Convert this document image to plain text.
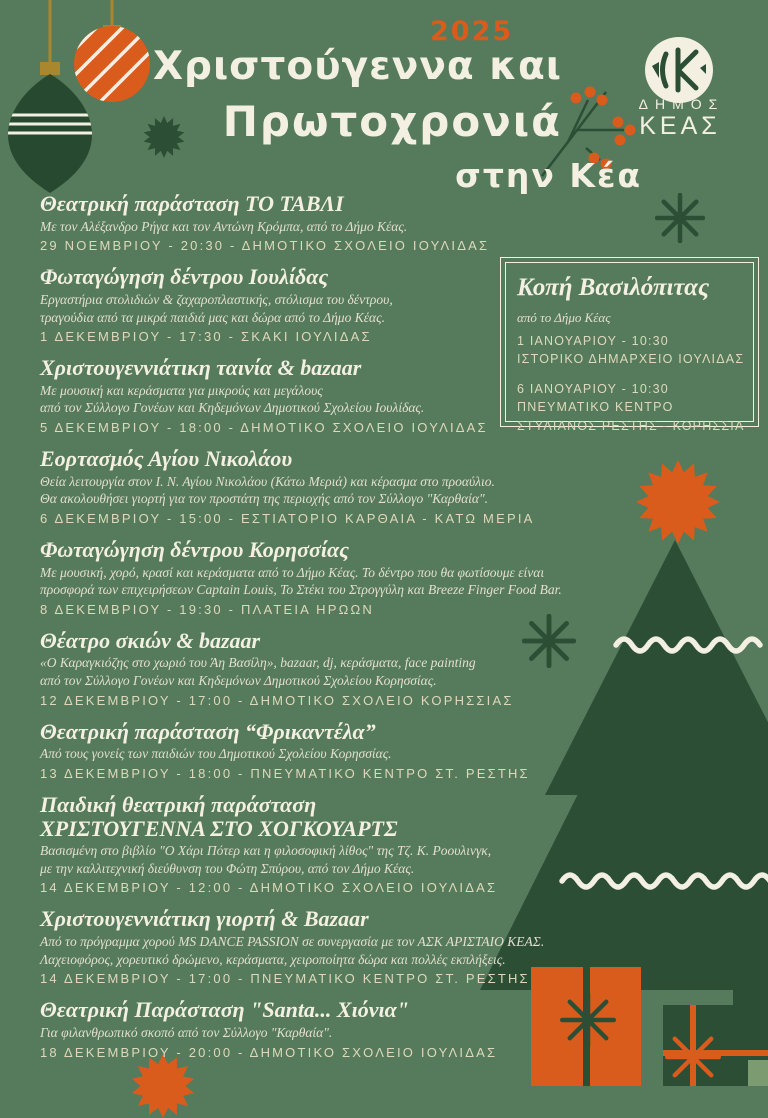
2025
Χριστούγεννα και
Πρωτοχρονιά
στην Κέα
ΔΗΜΟΣ
ΚΕΑΣ
Κοπή Βασιλόπιτας
από το Δήμο Κέας
1 ΙΑΝΟΥΑΡΙΟΥ - 10:30
ΙΣΤΟΡΙΚΟ ΔΗΜΑΡΧΕΙΟ ΙΟΥΛΙΔΑΣ
6 ΙΑΝΟΥΑΡΙΟΥ - 10:30
ΠΝΕΥΜΑΤΙΚΟ ΚΕΝΤΡΟ
ΣΤΥΛΙΑΝΟΣ ΡΕΣΤΗΣ - ΚΟΡΗΣΣΙΑ
Θεατρική παράσταση ΤΟ ΤΑΒΛΙ
Με τον Αλέξανδρο Ρήγα και τον Αντώνη Κρόμπα, από το Δήμο Κέας.
29 ΝΟΕΜΒΡΙΟΥ - 20:30 - ΔΗΜΟΤΙΚΟ ΣΧΟΛΕΙΟ ΙΟΥΛΙΔΑΣ
Φωταγώγηση δέντρου Ιουλίδας
Εργαστήρια στολιδιών & ζαχαροπλαστικής, στόλισμα του δέντρου,
τραγούδια από τα μικρά παιδιά μας και δώρα από το Δήμο Κέας.
1 ΔΕΚΕΜΒΡΙΟΥ - 17:30 - ΣΚΑΚΙ ΙΟΥΛΙΔΑΣ
Χριστουγεννιάτικη ταινία & bazaar
Με μουσική και κεράσματα για μικρούς και μεγάλους
από τον Σύλλογο Γονέων και Κηδεμόνων Δημοτικού Σχολείου Ιουλίδας.
5 ΔΕΚΕΜΒΡΙΟΥ - 18:00 - ΔΗΜΟΤΙΚΟ ΣΧΟΛΕΙΟ ΙΟΥΛΙΔΑΣ
Εορτασμός Αγίου Νικολάου
Θεία λειτουργία στον Ι. Ν. Αγίου Νικολάου (Κάτω Μεριά) και κέρασμα στο προαύλιο.
Θα ακολουθήσει γιορτή για τον προστάτη της περιοχής από τον Σύλλογο "Καρθαία".
6 ΔΕΚΕΜΒΡΙΟΥ - 15:00 - ΕΣΤΙΑΤΟΡΙΟ ΚΑΡΘΑΙΑ - ΚΑΤΩ ΜΕΡΙΑ
Φωταγώγηση δέντρου Κορησσίας
Με μουσική, χορό, κρασί και κεράσματα από το Δήμο Κέας. Το δέντρο που θα φωτίσουμε είναι
προσφορά των επιχειρήσεων Captain Louis, Το Στέκι του Στρογγύλη και Breeze Finger Food Bar.
8 ΔΕΚΕΜΒΡΙΟΥ - 19:30 - ΠΛΑΤΕΙΑ ΗΡΩΩΝ
Θέατρο σκιών & bazaar
«Ο Καραγκιόζης στο χωριό του Άη Βασίλη», bazaar, dj, κεράσματα, face painting
από τον Σύλλογο Γονέων και Κηδεμόνων Δημοτικού Σχολείου Κορησσίας.
12 ΔΕΚΕΜΒΡΙΟΥ - 17:00 - ΔΗΜΟΤΙΚΟ ΣΧΟΛΕΙΟ ΚΟΡΗΣΣΙΑΣ
Θεατρική παράσταση “Φρικαντέλα”
Από τους γονείς των παιδιών του Δημοτικού Σχολείου Κορησσίας.
13 ΔΕΚΕΜΒΡΙΟΥ - 18:00 - ΠΝΕΥΜΑΤΙΚΟ ΚΕΝΤΡΟ ΣΤ. ΡΕΣΤΗΣ
Παιδική θεατρική παράσταση
ΧΡΙΣΤΟΥΓΕΝΝΑ ΣΤΟ ΧΟΓΚΟΥΑΡΤΣ
Βασισμένη στο βιβλίο "Ο Χάρι Πότερ και η φιλοσοφική λίθος" της Τζ. Κ. Ροουλινγκ,
με την καλλιτεχνική διεύθυνση του Φώτη Σπύρου, από τον Δήμο Κέας.
14 ΔΕΚΕΜΒΡΙΟΥ - 12:00 - ΔΗΜΟΤΙΚΟ ΣΧΟΛΕΙΟ ΙΟΥΛΙΔΑΣ
Χριστουγεννιάτικη γιορτή & Bazaar
Από το πρόγραμμα χορού MS DANCE PASSION σε συνεργασία με τον ΑΣΚ ΑΡΙΣΤΑΙΟ ΚΕΑΣ.
Λαχειοφόρος, χορευτικό δρώμενο, κεράσματα, χειροποίητα δώρα και πολλές εκπλήξεις.
14 ΔΕΚΕΜΒΡΙΟΥ - 17:00 - ΠΝΕΥΜΑΤΙΚΟ ΚΕΝΤΡΟ ΣΤ. ΡΕΣΤΗΣ
Θεατρική Παράσταση "Santa... Χιόνια"
Για φιλανθρωπικό σκοπό από τον Σύλλογο "Καρθαία".
18 ΔΕΚΕΜΒΡΙΟΥ - 20:00 - ΔΗΜΟΤΙΚΟ ΣΧΟΛΕΙΟ ΙΟΥΛΙΔΑΣ
